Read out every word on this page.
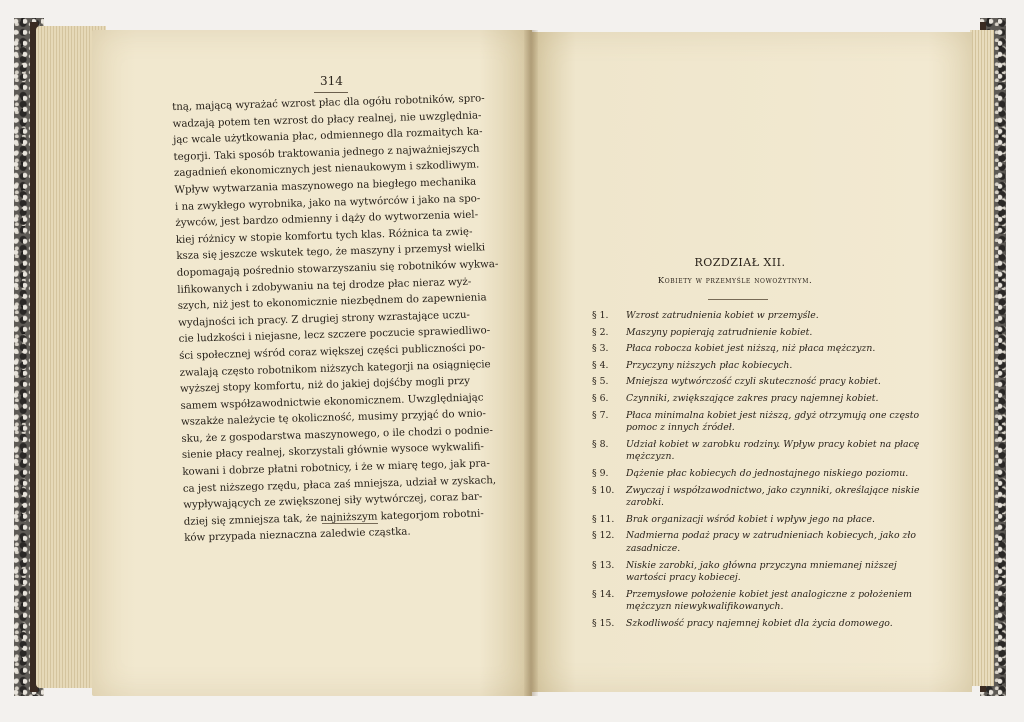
314
tną, mającą wyrażać wzrost płac dla ogółu robotników, spro-
wadzają potem ten wzrost do płacy realnej, nie uwzględnia-
jąc wcale użytkowania płac, odmiennego dla rozmaitych ka-
tegorji. Taki sposób traktowania jednego z najważniejszych
zagadnień ekonomicznych jest nienaukowym i szkodliwym.
Wpływ wytwarzania maszynowego na biegłego mechanika
i na zwykłego wyrobnika, jako na wytwórców i jako na spo-
żywców, jest bardzo odmienny i dąży do wytworzenia wiel-
kiej różnicy w stopie komfortu tych klas. Różnica ta zwię-
ksza się jeszcze wskutek tego, że maszyny i przemysł wielki
dopomagają pośrednio stowarzyszaniu się robotników wykwa-
lifikowanych i zdobywaniu na tej drodze płac nieraz wyż-
szych, niż jest to ekonomicznie niezbędnem do zapewnienia
wydajności ich pracy. Z drugiej strony wzrastające uczu-
cie ludzkości i niejasne, lecz szczere poczucie sprawiedliwo-
ści społecznej wśród coraz większej części publiczności po-
zwalają często robotnikom niższych kategorji na osiągnięcie
wyższej stopy komfortu, niż do jakiej dojśćby mogli przy
samem współzawodnictwie ekonomicznem. Uwzględniając
wszakże należycie tę okoliczność, musimy przyjąć do wnio-
sku, że z gospodarstwa maszynowego, o ile chodzi o podnie-
sienie płacy realnej, skorzystali głównie wysoce wykwalifi-
kowani i dobrze płatni robotnicy, i że w miarę tego, jak pra-
ca jest niższego rzędu, płaca zaś mniejsza, udział w zyskach,
wypływających ze zwiększonej siły wytwórczej, coraz bar-
dziej się zmniejsza tak, że najniższym kategorjom robotni-
ków przypada nieznaczna zaledwie cząstka.
ROZDZIAŁ XII.
Kobiety w przemyśle nowożytnym.
§ 1. Wzrost zatrudnienia kobiet w przemyśle.
§ 2. Maszyny popierają zatrudnienie kobiet.
§ 3. Płaca robocza kobiet jest niższą, niż płaca mężczyzn.
§ 4. Przyczyny niższych płac kobiecych.
§ 5. Mniejsza wytwórczość czyli skuteczność pracy kobiet.
§ 6. Czynniki, zwiększające zakres pracy najemnej kobiet.
§ 7. Płaca minimalna kobiet jest niższą, gdyż otrzymują one często pomoc z innych źródeł.
§ 8. Udział kobiet w zarobku rodziny. Wpływ pracy kobiet na płacę mężczyzn.
§ 9. Dążenie płac kobiecych do jednostajnego niskiego poziomu.
§ 10. Zwyczaj i współzawodnictwo, jako czynniki, określające niskie zarobki.
§ 11. Brak organizacji wśród kobiet i wpływ jego na płace.
§ 12. Nadmierna podaż pracy w zatrudnieniach kobiecych, jako zło zasadnicze.
§ 13. Niskie zarobki, jako główna przyczyna mniemanej niższej wartości pracy kobiecej.
§ 14. Przemysłowe położenie kobiet jest analogiczne z położeniem mężczyzn niewykwalifikowanych.
§ 15. Szkodliwość pracy najemnej kobiet dla życia domowego.
